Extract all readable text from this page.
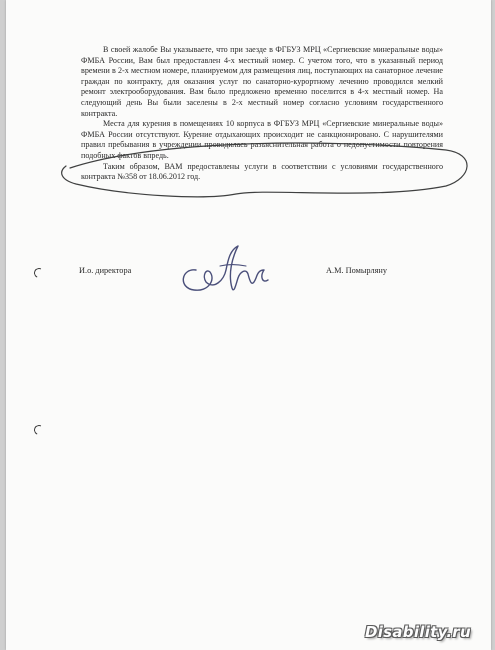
В своей жалобе Вы указываете, что при заезде в ФГБУЗ МРЦ «Сергиевские минеральные воды» ФМБА России, Вам был предоставлен 4-х местный номер. С учетом того, что в указанный период времени в 2-х местном номере, планируемом для размещения лиц, поступающих на санаторное лечение граждан по контракту, для оказания услуг по санаторно-курортному лечению проводился мелкий ремонт электрооборудования. Вам было предложено временно поселится в 4-х местный номер. На следующий день Вы были заселены в 2-х местный номер согласно условиям государственного контракта.

Места для курения в помещениях 10 корпуса в ФГБУЗ МРЦ «Сергиевские минеральные воды» ФМБА России отсутствуют. Курение отдыхающих происходит не санкционировано. С нарушителями правил пребывания в учреждении проводилась разъяснительная работа о недопустимости повторения подобных фактов впредь.

Таким образом, ВАМ предоставлены услуги в соответствии с условиями государственного контракта №358 от 18.06.2012 год.

И.о. директора	А.М. Помырляну
Disability.ru
